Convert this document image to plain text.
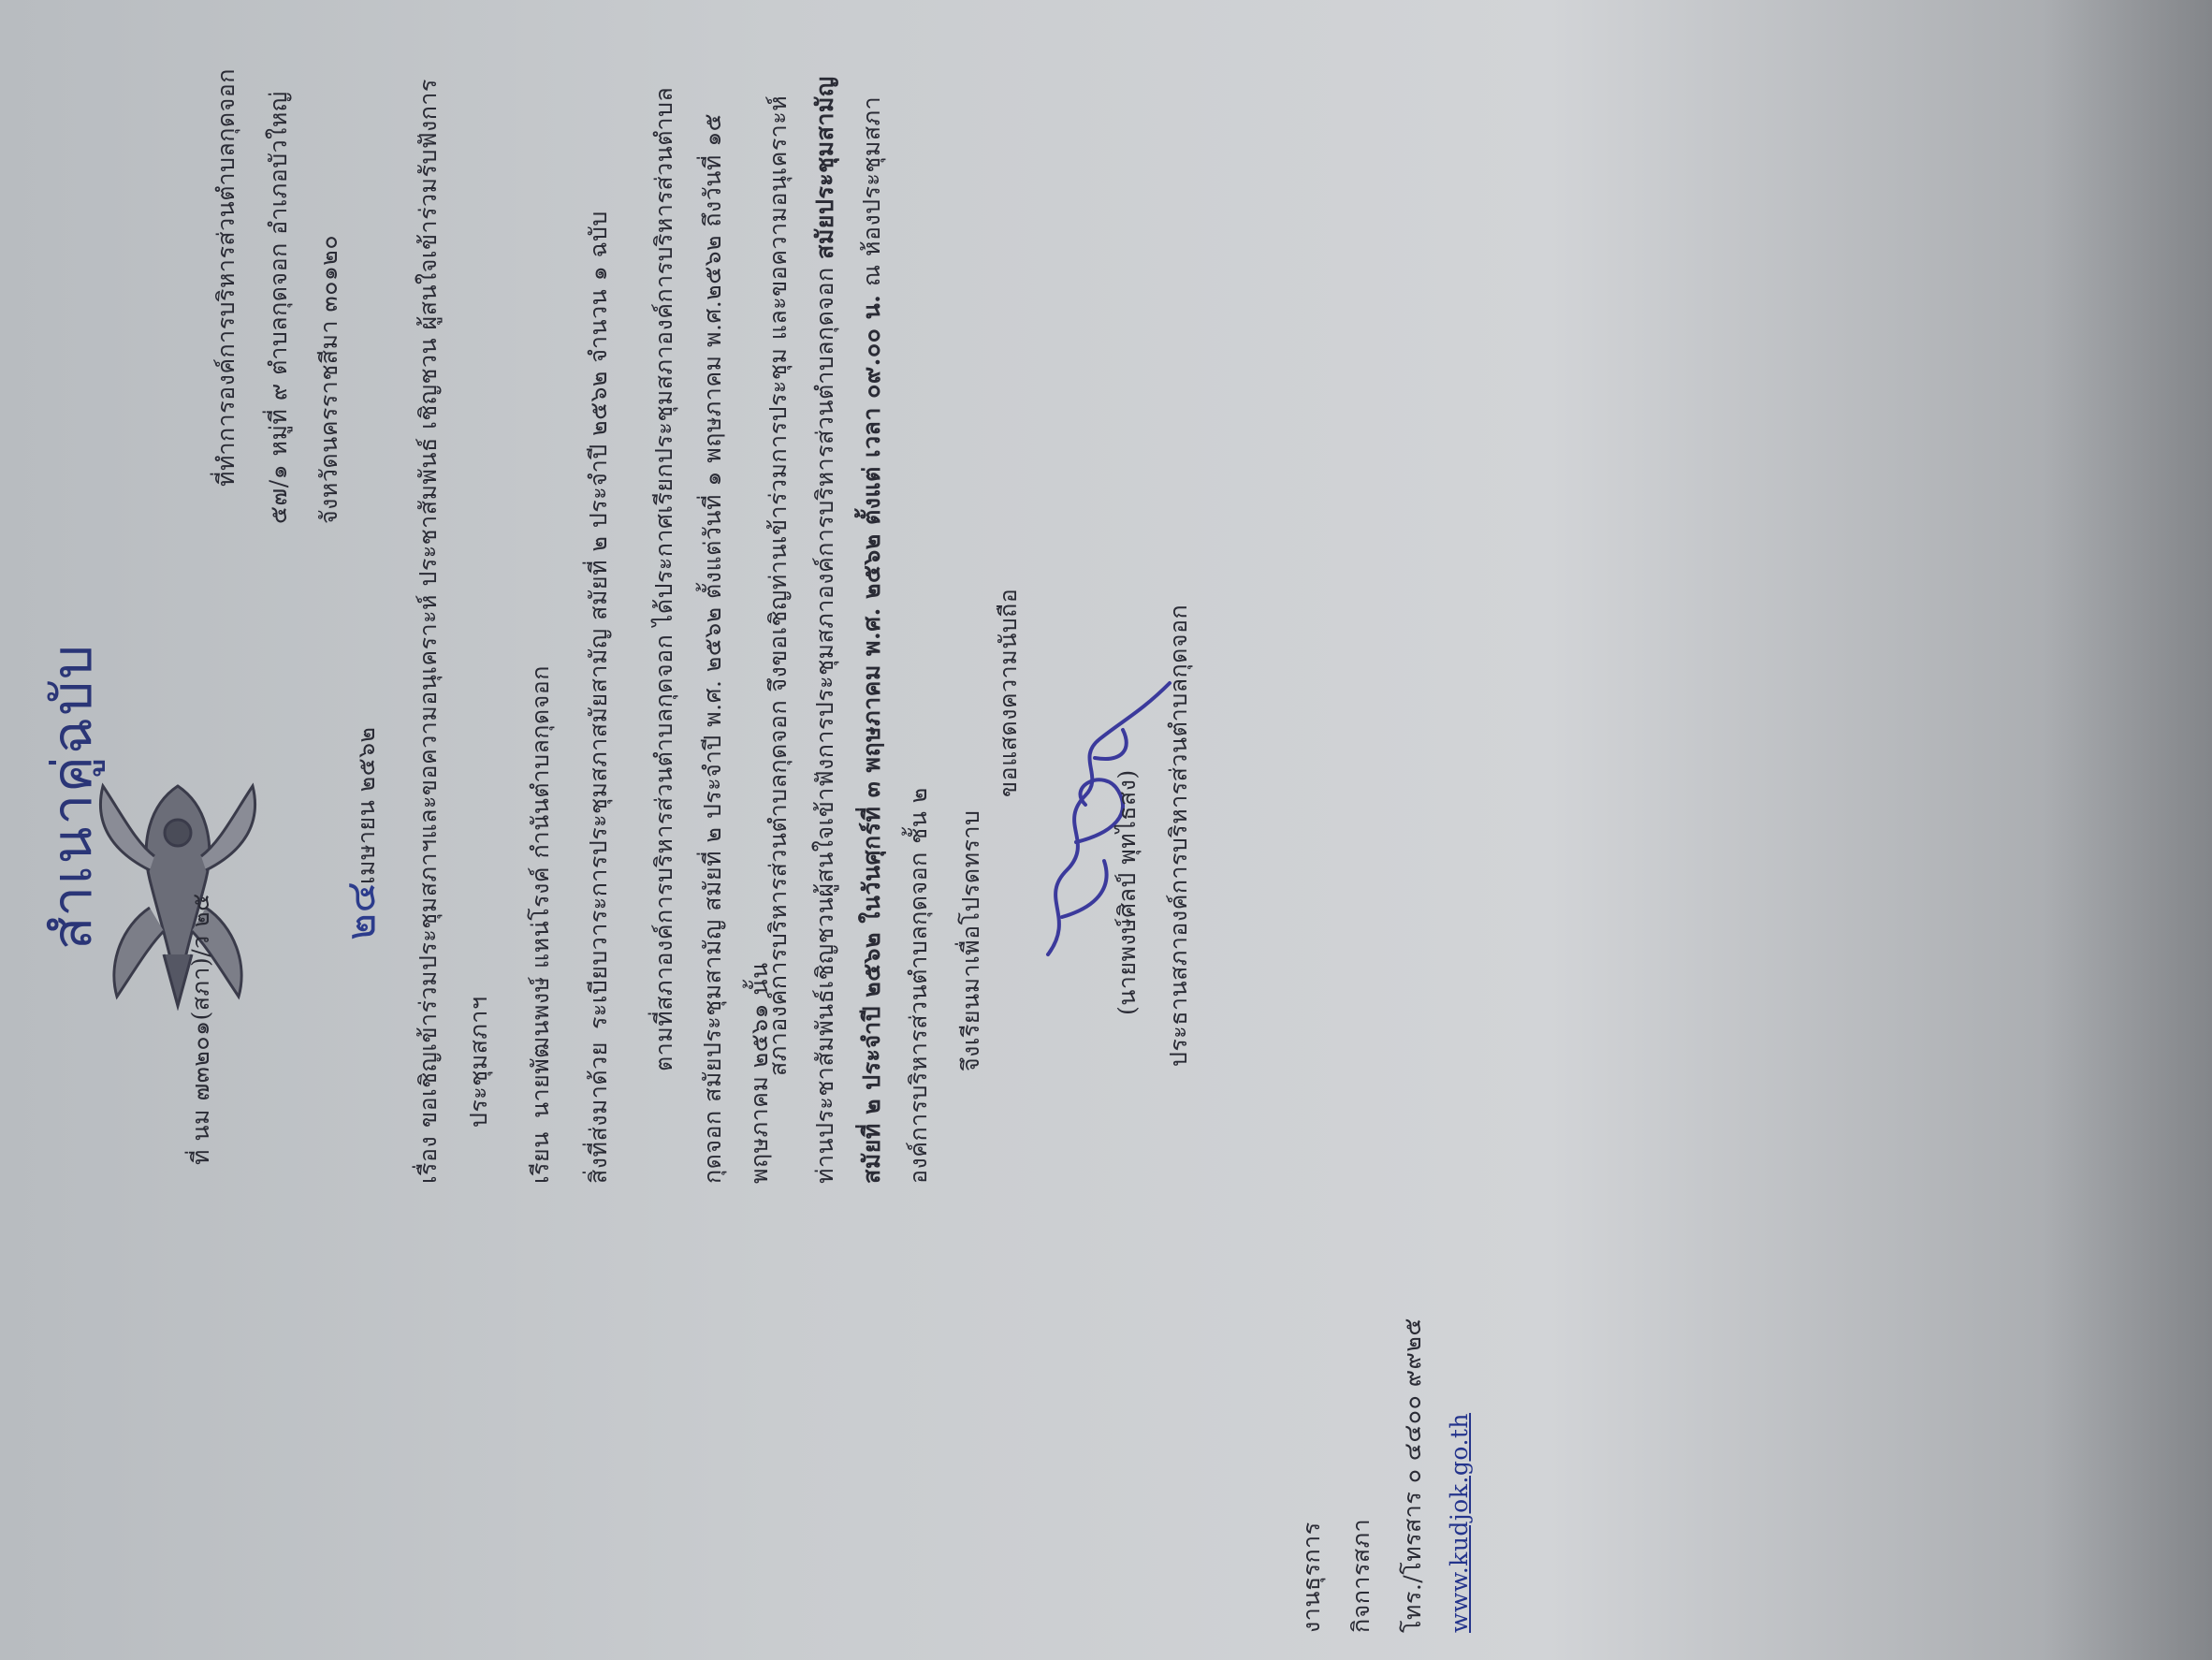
สำเนาคู่ฉบับ
ที่ นม ๗๓๒๐๑(สภา)/ว ๒๕
ที่ทำการองค์การบริหารส่วนตำบลกุดจอก ๕๗/๑ หมู่ที่ ๙ ตำบลกุดจอก อำเภอบัวใหญ่ จังหวัดนครราชสีมา ๓๐๑๒๐
๒๔
เมษายน ๒๕๖๒
เรื่อง
ขอเชิญเข้าร่วมประชุมสภาฯและขอความอนุเคราะห์ ประชาสัมพันธ์ เชิญชวน ผู้สนใจเข้าร่วมรับฟังการ ประชุมสภาฯ
เรียน
นายพัฒนพงษ์ แหน่โรงค์ กำนันตำบลกุดจอก สิ่งที่ส่งมาด้วย
ระเบียบวาระการประชุมสภาสมัยสามัญ สมัยที่ ๒ ประจำปี ๒๕๖๒ จำนวน ๑ ฉบับ ตามที่สภาองค์การบริหารส่วนตำบลกุดจอก ได้ประกาศเรียกประชุมสภาองค์การบริหารส่วนตำบล กุดจอก สมัยประชุมสามัญ สมัยที่ ๒ ประจำปี พ.ศ. ๒๕๖๒ ตั้งแต่วันที่ ๑ พฤษภาคม พ.ศ.๒๕๖๒ ถึงวันที่ ๑๕ พฤษภาคม ๒๕๖๑ นั้น
สภาองค์การบริหารส่วนตำบลกุดจอก จึงขอเชิญท่านเข้าร่วมการประชุม และขอความอนุเคราะห์ ท่านประชาสัมพันธ์เชิญชวนผู้สนใจเข้าฟังการประชุมสภาองค์การบริหารส่วนตำบลกุดจอก สมัยประชุมสามัญ
สมัยที่ ๒ ประจำปี ๒๕๖๒ ในวันศุกร์ที่ ๓ พฤษภาคม พ.ศ. ๒๕๖๒ ตั้งแต่ เวลา ๐๙.๐๐ น. ณ ห้องประชุมสภา
องค์การบริหารส่วนตำบลกุดจอก ชั้น ๒ จึงเรียนมาเพื่อโปรดทราบ
ขอแสดงความนับถือ
(นายพงษ์ศิลป์ พุทไธสง) ประธานสภาองค์การบริหารส่วนตำบลกุดจอก
งานธุรการ กิจการสภา โทร./โทรสาร ๐ ๔๔๐๐ ๙๙๒๕ www.kudjok.go.th
